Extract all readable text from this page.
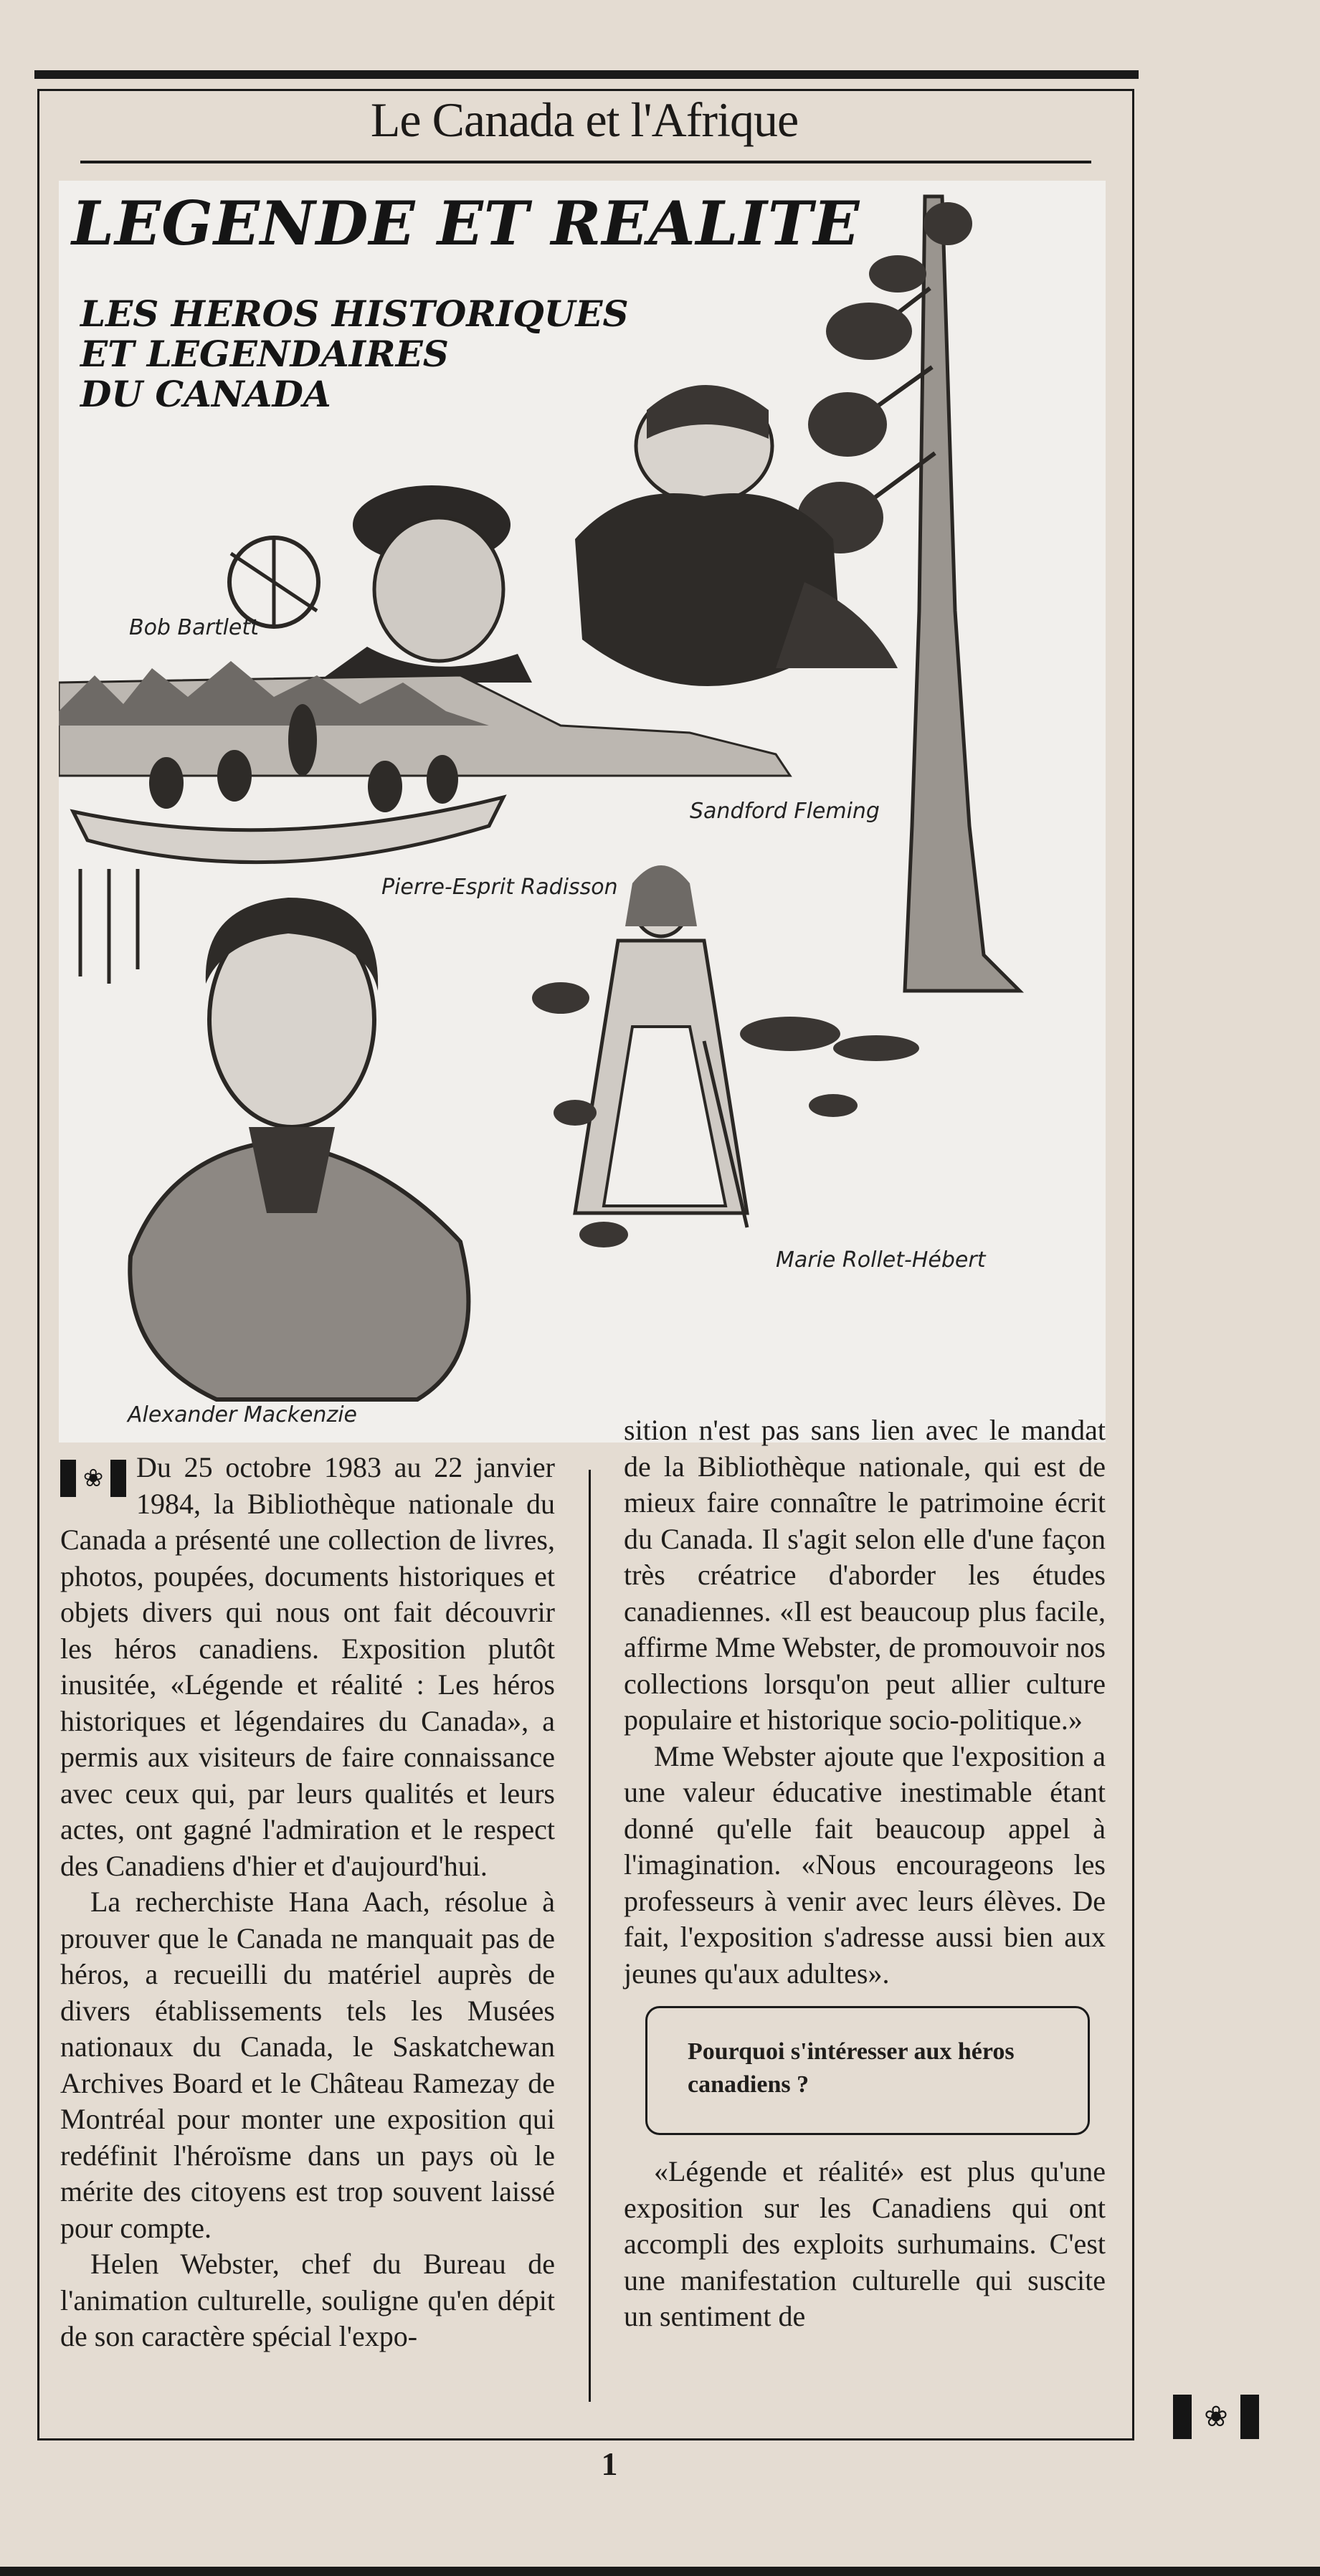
Le Canada et l'Afrique
LEGENDE ET REALITE
LES HEROS HISTORIQUES
ET LEGENDAIRES
DU CANADA
Bob Bartlett
Sandford Fleming
Pierre-Esprit Radisson
Marie Rollet-Hébert
Alexander Mackenzie
❀	Du 25 octobre 1983 au 22 janvier 1984, la Bibliothèque nationale du Canada a présenté une collection de livres, photos, poupées, documents historiques et objets divers qui nous ont fait découvrir les héros canadiens. Exposition plutôt inusitée, «Légende et réalité : Les héros historiques et légendaires du Canada», a permis aux visiteurs de faire connaissance avec ceux qui, par leurs qualités et leurs actes, ont gagné l'admiration et le respect des Canadiens d'hier et d'aujourd'hui.

La recherchiste Hana Aach, résolue à prouver que le Canada ne manquait pas de héros, a recueilli du matériel auprès de divers établissements tels les Musées nationaux du Canada, le Saskatchewan Archives Board et le Château Ramezay de Montréal pour monter une exposition qui redéfinit l'héroïsme dans un pays où le mérite des citoyens est trop souvent laissé pour compte.

Helen Webster, chef du Bureau de l'animation culturelle, souligne qu'en dépit de son caractère spécial l'expo-

sition n'est pas sans lien avec le mandat de la Bibliothèque nationale, qui est de mieux faire connaître le patrimoine écrit du Canada. Il s'agit selon elle d'une façon très créatrice d'aborder les études canadiennes. «Il est beaucoup plus facile, affirme Mme Webster, de promouvoir nos collections lorsqu'on peut allier culture populaire et historique socio-politique.»

Mme Webster ajoute que l'exposition a une valeur éducative inestimable étant donné qu'elle fait beaucoup appel à l'imagination. «Nous encourageons les professeurs à venir avec leurs élèves. De fait, l'exposition s'adresse aussi bien aux jeunes qu'aux adultes».

Pourquoi s'intéresser aux héros canadiens ?

«Légende et réalité» est plus qu'une exposition sur les Canadiens qui ont accompli des exploits surhumains. C'est une manifestation culturelle qui suscite un sentiment de

❀
1
